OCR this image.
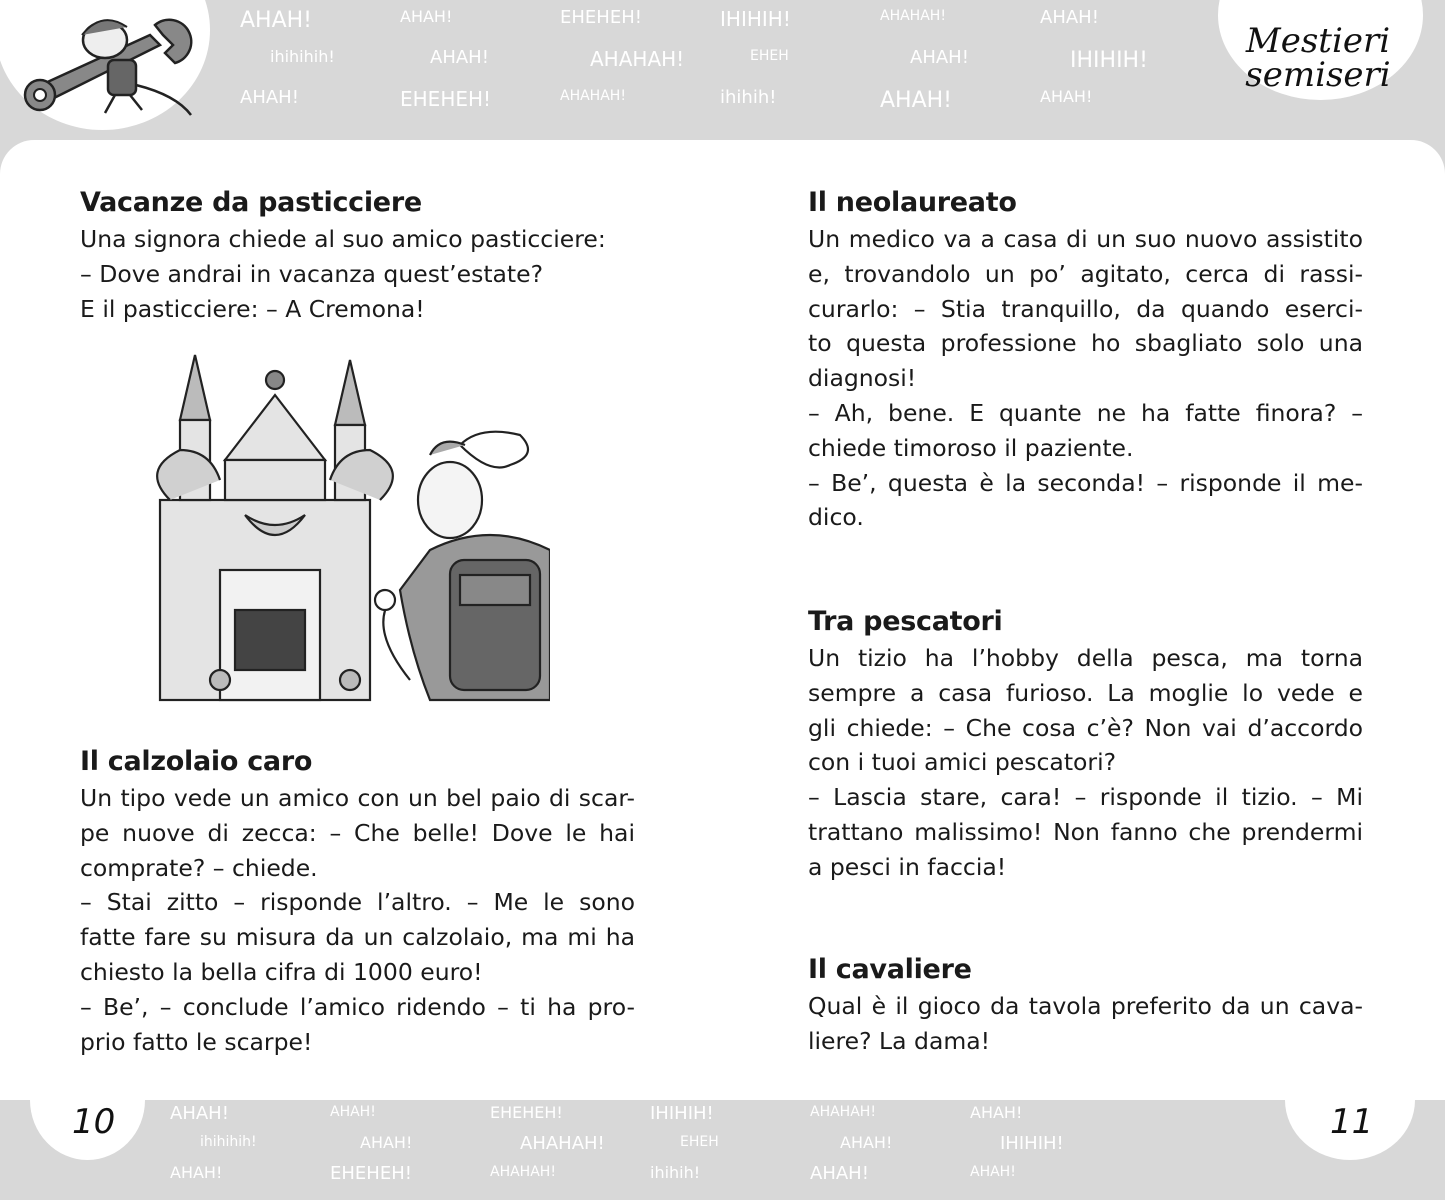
AHAH!	AHAH!	EHEHEH!	IHIHIH!	AHAHAH!	AHAH!
ihihihih!	AHAH!	AHAHAH!	EHEH	AHAH!	IHIHIH!
AHAH!	EHEHEH!	AHAHAH!	ihihih!	AHAH!	AHAH!
AHAH!	AHAH!	EHEHEH!	IHIHIH!	AHAHAH!	AHAH!
ihihihih!	AHAH!	AHAHAH!	EHEH	AHAH!	IHIHIH!
AHAH!	EHEHEH!	AHAHAH!	ihihih!	AHAH!	AHAH!
Mestieri
semiseri
10	11
Vacanze da pasticciere
Una signora chiede al suo amico pasticciere:
– Dove andrai in vacanza quest’estate?
E il pasticciere: – A Cremona!
Il calzolaio caro
Un tipo vede un amico con un bel paio di scar-
pe nuove di zecca: – Che belle! Dove le hai
comprate? – chiede.
– Stai zitto – risponde l’altro. – Me le sono
fatte fare su misura da un calzolaio, ma mi ha
chiesto la bella cifra di 1000 euro!
– Be’, – conclude l’amico ridendo – ti ha pro-
prio fatto le scarpe!
Il neolaureato
Un medico va a casa di un suo nuovo assistito
e, trovandolo un po’ agitato, cerca di rassi-
curarlo: – Stia tranquillo, da quando eserci-
to questa professione ho sbagliato solo una
diagnosi!
– Ah, bene. E quante ne ha fatte finora? –
chiede timoroso il paziente.
– Be’, questa è la seconda! – risponde il me-
dico.
Tra pescatori
Un tizio ha l’hobby della pesca, ma torna
sempre a casa furioso. La moglie lo vede e
gli chiede: – Che cosa c’è? Non vai d’accordo
con i tuoi amici pescatori?
– Lascia stare, cara! – risponde il tizio. – Mi
trattano malissimo! Non fanno che prendermi
a pesci in faccia!
Il cavaliere
Qual è il gioco da tavola preferito da un cava-
liere? La dama!
